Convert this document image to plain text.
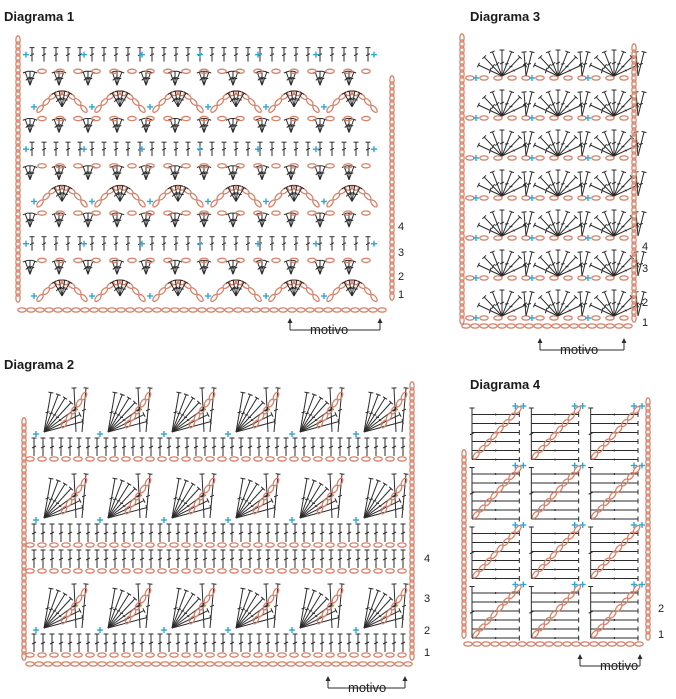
Diagrama 1	Diagrama 3
Diagrama 2
Diagrama 4
1
2
3
4
motivo	1
2
3
4
motivo
1
2
3
4
motivo
1
2
motivo
